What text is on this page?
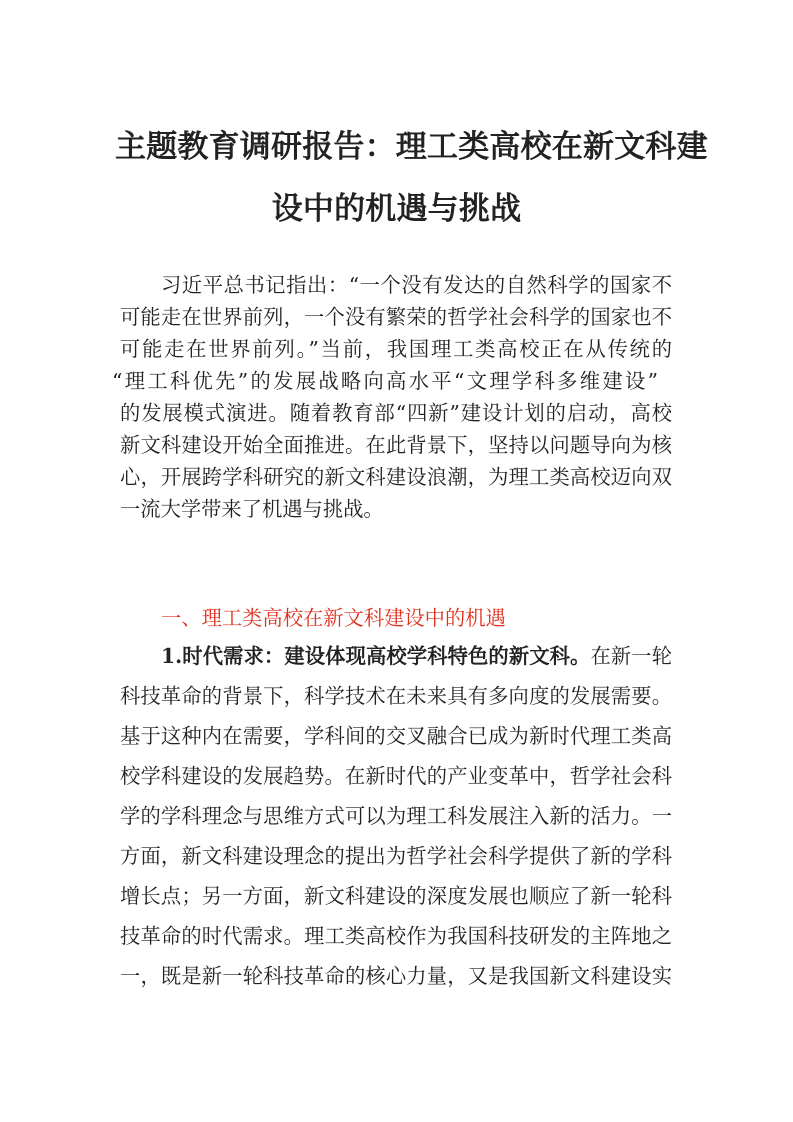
主题教育调研报告：理工类高校在新文科建
设中的机遇与挑战
习近平总书记指出：“一个没有发达的自然科学的国家不
可能走在世界前列，一个没有繁荣的哲学社会科学的国家也不
可能走在世界前列。”当前，我国理工类高校正在从传统的
“理工科优先”的发展战略向高水平“文理学科多维建设”
的发展模式演进。随着教育部“四新”建设计划的启动，高校
新文科建设开始全面推进。在此背景下，坚持以问题导向为核
心，开展跨学科研究的新文科建设浪潮，为理工类高校迈向双
一流大学带来了机遇与挑战。
一、理工类高校在新文科建设中的机遇
1.时代需求：建设体现高校学科特色的新文科。在新一轮
科技革命的背景下，科学技术在未来具有多向度的发展需要。
基于这种内在需要，学科间的交叉融合已成为新时代理工类高
校学科建设的发展趋势。在新时代的产业变革中，哲学社会科
学的学科理念与思维方式可以为理工科发展注入新的活力。一
方面，新文科建设理念的提出为哲学社会科学提供了新的学科
增长点；另一方面，新文科建设的深度发展也顺应了新一轮科
技革命的时代需求。理工类高校作为我国科技研发的主阵地之
一，既是新一轮科技革命的核心力量，又是我国新文科建设实
